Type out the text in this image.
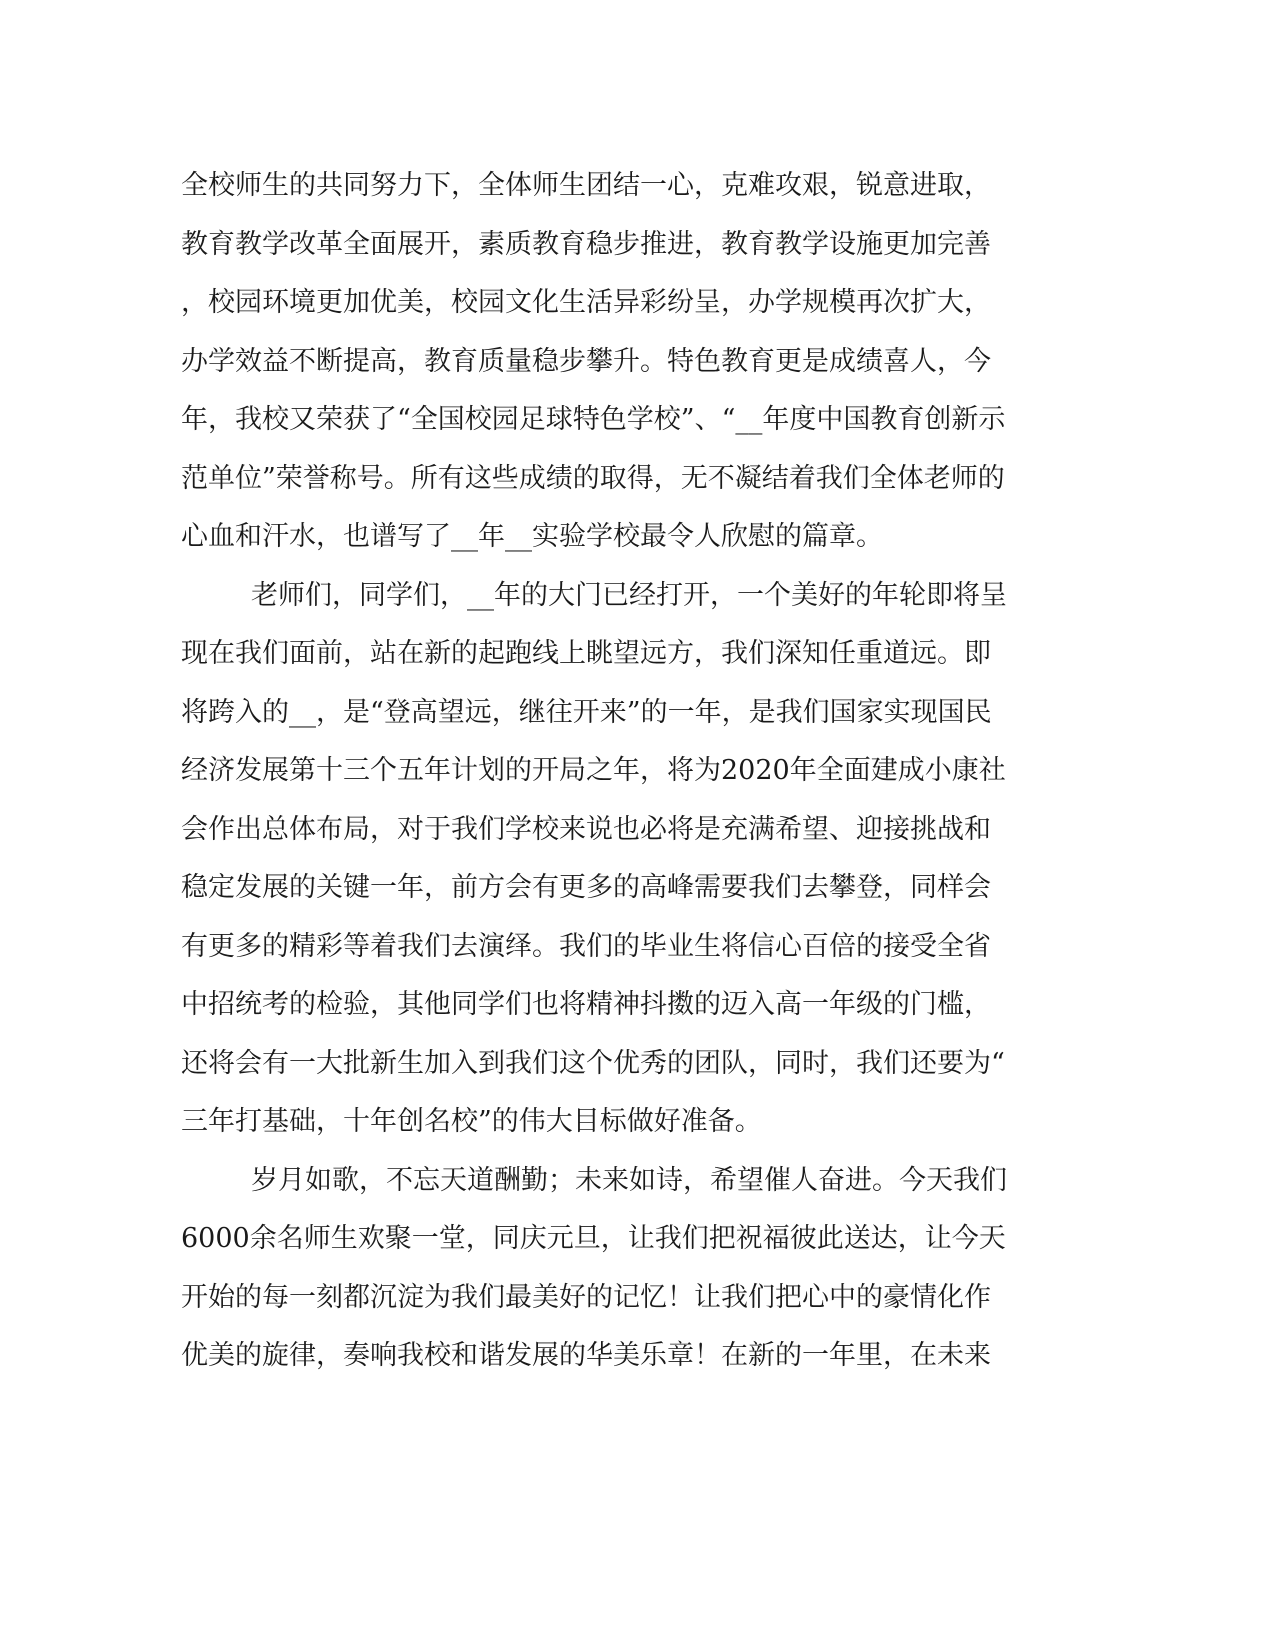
全校师生的共同努力下，全体师生团结一心，克难攻艰，锐意进取，
教育教学改革全面展开，素质教育稳步推进，教育教学设施更加完善
，校园环境更加优美，校园文化生活异彩纷呈，办学规模再次扩大，
办学效益不断提高，教育质量稳步攀升。特色教育更是成绩喜人，今
年，我校又荣获了“全国校园足球特色学校”、“__年度中国教育创新示
范单位”荣誉称号。所有这些成绩的取得，无不凝结着我们全体老师的
心血和汗水，也谱写了__年__实验学校最令人欣慰的篇章。
老师们，同学们，__年的大门已经打开，一个美好的年轮即将呈
现在我们面前，站在新的起跑线上眺望远方，我们深知任重道远。即
将跨入的__，是“登高望远，继往开来”的一年，是我们国家实现国民
经济发展第十三个五年计划的开局之年，将为2020年全面建成小康社
会作出总体布局，对于我们学校来说也必将是充满希望、迎接挑战和
稳定发展的关键一年，前方会有更多的高峰需要我们去攀登，同样会
有更多的精彩等着我们去演绎。我们的毕业生将信心百倍的接受全省
中招统考的检验，其他同学们也将精神抖擞的迈入高一年级的门槛，
还将会有一大批新生加入到我们这个优秀的团队，同时，我们还要为“
三年打基础，十年创名校”的伟大目标做好准备。
岁月如歌，不忘天道酬勤；未来如诗，希望催人奋进。今天我们
6000余名师生欢聚一堂，同庆元旦，让我们把祝福彼此送达，让今天
开始的每一刻都沉淀为我们最美好的记忆！让我们把心中的豪情化作
优美的旋律，奏响我校和谐发展的华美乐章！在新的一年里，在未来
